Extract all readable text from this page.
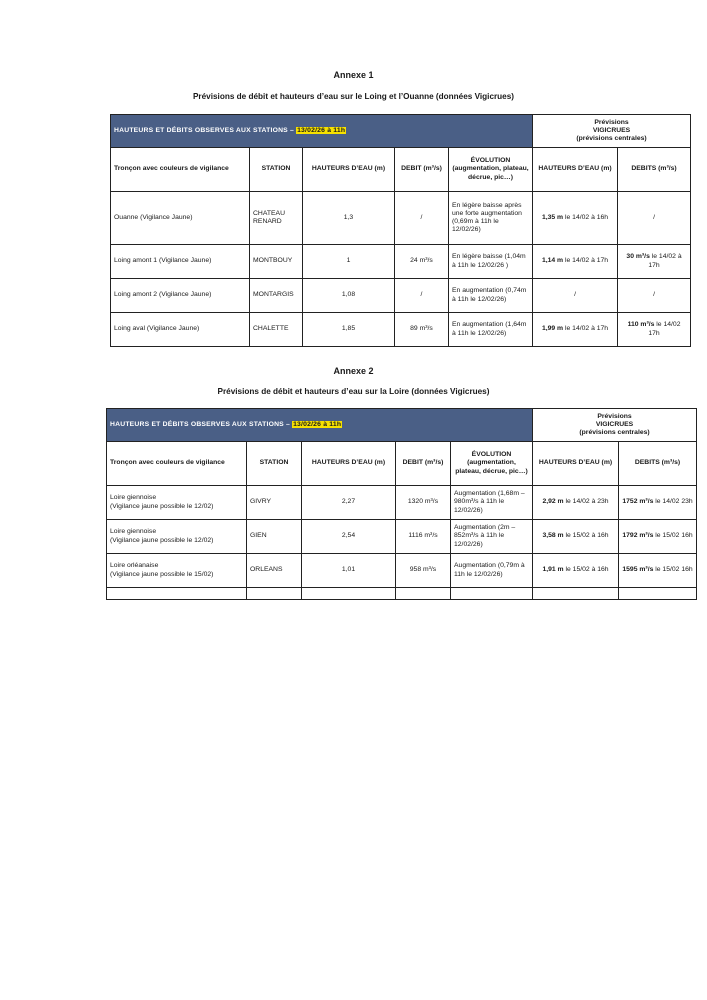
Annexe 1
Prévisions de débit et hauteurs d’eau sur le Loing et l’Ouanne (données Vigicrues)
HAUTEURS ET DÉBITS OBSERVES AUX STATIONS – 13/02/26 à 11h					Prévisions
VIGICRUES
(prévisions centrales)	

Tronçon avec couleurs de vigilance	STATION	HAUTEURS D’EAU (m)	DEBIT (m³/s)	ÉVOLUTION (augmentation, plateau, décrue, pic…)	HAUTEURS D’EAU (m)	DEBITS (m³/s)
Ouanne (Vigilance Jaune)	CHATEAU RENARD	1,3	/	En légère baisse après une forte augmentation (0,69m à 11h le 12/02/26)	1,35 m le 14/02 à 16h	/
Loing amont 1 (Vigilance Jaune)	MONTBOUY	1	24 m³/s	En légère baisse (1,04m à 11h le 12/02/26 )	1,14 m le 14/02 à 17h	30 m³/s le 14/02 à 17h
Loing amont 2 (Vigilance Jaune)	MONTARGIS	1,08	/	En augmentation (0,74m à 11h le 12/02/26)	/	/
Loing aval (Vigilance Jaune)	CHALETTE	1,85	89 m³/s	En augmentation (1,64m à 11h le 12/02/26)	1,99 m le 14/02 à 17h	110 m³/s le 14/02 17h
Annexe 2
Prévisions de débit et hauteurs d’eau sur la Loire (données Vigicrues)
HAUTEURS ET DÉBITS OBSERVES AUX STATIONS – 13/02/26 à 11h					Prévisions
VIGICRUES
(prévisions centrales)	

Tronçon avec couleurs de vigilance	STATION	HAUTEURS D’EAU (m)	DEBIT (m³/s)	ÉVOLUTION (augmentation, plateau, décrue, pic…)	HAUTEURS D’EAU (m)	DEBITS (m³/s)

Loire giennoise
(Vigilance jaune possible le 12/02)	GIVRY	2,27	1320 m³/s	Augmentation (1,68m – 980m³/s à 11h le 12/02/26)	2,92 m le 14/02 à 23h	1752 m³/s le 14/02 23h

Loire giennoise
(Vigilance jaune possible le 12/02)	GIEN	2,54	1116 m³/s	Augmentation (2m – 852m³/s à 11h le 12/02/26)	3,58 m le 15/02 à 16h	1792 m³/s le 15/02 16h

Loire orléanaise
(Vigilance jaune possible le 15/02)	ORLEANS	1,01	958 m³/s	Augmentation (0,79m à 11h le 12/02/26)	1,91 m le 15/02 à 16h	1595 m³/s le 15/02 16h
